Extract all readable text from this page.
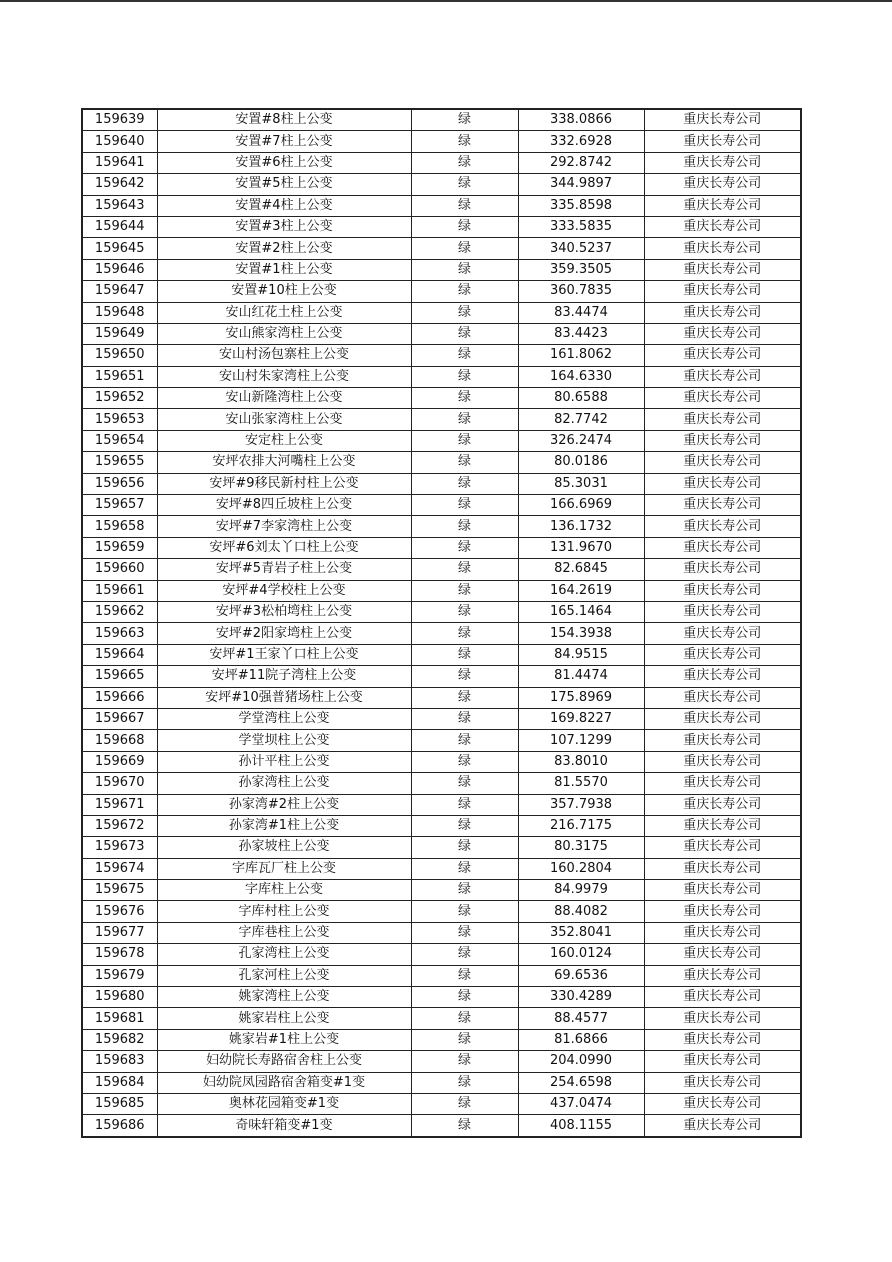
159639	安置#8柱上公变	绿	338.0866	重庆长寿公司
159640	安置#7柱上公变	绿	332.6928	重庆长寿公司
159641	安置#6柱上公变	绿	292.8742	重庆长寿公司
159642	安置#5柱上公变	绿	344.9897	重庆长寿公司
159643	安置#4柱上公变	绿	335.8598	重庆长寿公司
159644	安置#3柱上公变	绿	333.5835	重庆长寿公司
159645	安置#2柱上公变	绿	340.5237	重庆长寿公司
159646	安置#1柱上公变	绿	359.3505	重庆长寿公司
159647	安置#10柱上公变	绿	360.7835	重庆长寿公司
159648	安山红花土柱上公变	绿	83.4474	重庆长寿公司
159649	安山熊家湾柱上公变	绿	83.4423	重庆长寿公司
159650	安山村汤包寨柱上公变	绿	161.8062	重庆长寿公司
159651	安山村朱家湾柱上公变	绿	164.6330	重庆长寿公司
159652	安山新隆湾柱上公变	绿	80.6588	重庆长寿公司
159653	安山张家湾柱上公变	绿	82.7742	重庆长寿公司
159654	安定柱上公变	绿	326.2474	重庆长寿公司
159655	安坪农排大河嘴柱上公变	绿	80.0186	重庆长寿公司
159656	安坪#9移民新村柱上公变	绿	85.3031	重庆长寿公司
159657	安坪#8四丘坡柱上公变	绿	166.6969	重庆长寿公司
159658	安坪#7李家湾柱上公变	绿	136.1732	重庆长寿公司
159659	安坪#6刘太丫口柱上公变	绿	131.9670	重庆长寿公司
159660	安坪#5青岩子柱上公变	绿	82.6845	重庆长寿公司
159661	安坪#4学校柱上公变	绿	164.2619	重庆长寿公司
159662	安坪#3松柏塆柱上公变	绿	165.1464	重庆长寿公司
159663	安坪#2阳家塆柱上公变	绿	154.3938	重庆长寿公司
159664	安坪#1王家丫口柱上公变	绿	84.9515	重庆长寿公司
159665	安坪#11院子湾柱上公变	绿	81.4474	重庆长寿公司
159666	安坪#10强普猪场柱上公变	绿	175.8969	重庆长寿公司
159667	学堂湾柱上公变	绿	169.8227	重庆长寿公司
159668	学堂坝柱上公变	绿	107.1299	重庆长寿公司
159669	孙计平柱上公变	绿	83.8010	重庆长寿公司
159670	孙家湾柱上公变	绿	81.5570	重庆长寿公司
159671	孙家湾#2柱上公变	绿	357.7938	重庆长寿公司
159672	孙家湾#1柱上公变	绿	216.7175	重庆长寿公司
159673	孙家坡柱上公变	绿	80.3175	重庆长寿公司
159674	字库瓦厂柱上公变	绿	160.2804	重庆长寿公司
159675	字库柱上公变	绿	84.9979	重庆长寿公司
159676	字库村柱上公变	绿	88.4082	重庆长寿公司
159677	字库巷柱上公变	绿	352.8041	重庆长寿公司
159678	孔家湾柱上公变	绿	160.0124	重庆长寿公司
159679	孔家河柱上公变	绿	69.6536	重庆长寿公司
159680	姚家湾柱上公变	绿	330.4289	重庆长寿公司
159681	姚家岩柱上公变	绿	88.4577	重庆长寿公司
159682	姚家岩#1柱上公变	绿	81.6866	重庆长寿公司
159683	妇幼院长寿路宿舍柱上公变	绿	204.0990	重庆长寿公司
159684	妇幼院凤园路宿舍箱变#1变	绿	254.6598	重庆长寿公司
159685	奥林花园箱变#1变	绿	437.0474	重庆长寿公司
159686	奇味轩箱变#1变	绿	408.1155	重庆长寿公司
